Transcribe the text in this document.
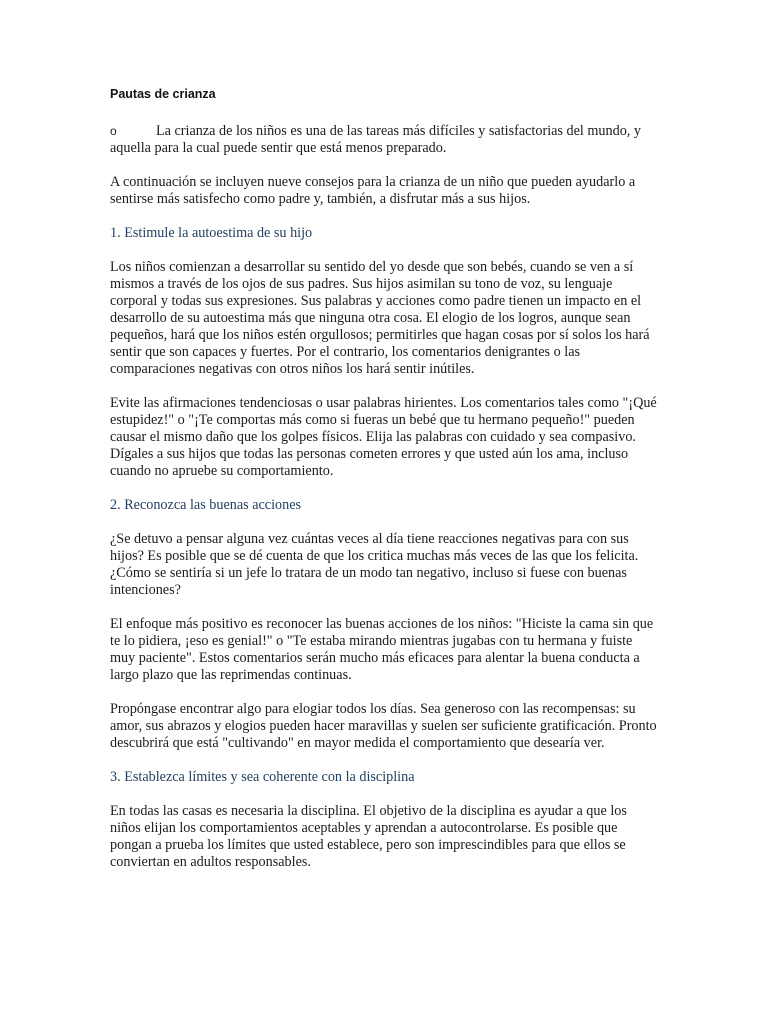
Pautas de crianza

o	La crianza de los niños es una de las tareas más difíciles y satisfactorias del mundo, y aquella para la cual puede sentir que está menos preparado.

A continuación se incluyen nueve consejos para la crianza de un niño que pueden ayudarlo a sentirse más satisfecho como padre y, también, a disfrutar más a sus hijos.

1. Estimule la autoestima de su hijo

Los niños comienzan a desarrollar su sentido del yo desde que son bebés, cuando se ven a sí mismos a través de los ojos de sus padres. Sus hijos asimilan su tono de voz, su lenguaje corporal y todas sus expresiones. Sus palabras y acciones como padre tienen un impacto en el desarrollo de su autoestima más que ninguna otra cosa. El elogio de los logros, aunque sean pequeños, hará que los niños estén orgullosos; permitirles que hagan cosas por sí solos los hará sentir que son capaces y fuertes. Por el contrario, los comentarios denigrantes o las comparaciones negativas con otros niños los hará sentir inútiles.

Evite las afirmaciones tendenciosas o usar palabras hirientes. Los comentarios tales como "¡Qué estupidez!" o "¡Te comportas más como si fueras un bebé que tu hermano pequeño!" pueden causar el mismo daño que los golpes físicos. Elija las palabras con cuidado y sea compasivo. Dígales a sus hijos que todas las personas cometen errores y que usted aún los ama, incluso cuando no apruebe su comportamiento.

2. Reconozca las buenas acciones

¿Se detuvo a pensar alguna vez cuántas veces al día tiene reacciones negativas para con sus hijos? Es posible que se dé cuenta de que los critica muchas más veces de las que los felicita. ¿Cómo se sentiría si un jefe lo tratara de un modo tan negativo, incluso si fuese con buenas intenciones?

El enfoque más positivo es reconocer las buenas acciones de los niños: "Hiciste la cama sin que te lo pidiera, ¡eso es genial!" o "Te estaba mirando mientras jugabas con tu hermana y fuiste muy paciente". Estos comentarios serán mucho más eficaces para alentar la buena conducta a largo plazo que las reprimendas continuas.

Propóngase encontrar algo para elogiar todos los días. Sea generoso con las recompensas: su amor, sus abrazos y elogios pueden hacer maravillas y suelen ser suficiente gratificación. Pronto descubrirá que está "cultivando" en mayor medida el comportamiento que desearía ver.

3. Establezca límites y sea coherente con la disciplina

En todas las casas es necesaria la disciplina. El objetivo de la disciplina es ayudar a que los niños elijan los comportamientos aceptables y aprendan a autocontrolarse. Es posible que pongan a prueba los límites que usted establece, pero son imprescindibles para que ellos se conviertan en adultos responsables.
